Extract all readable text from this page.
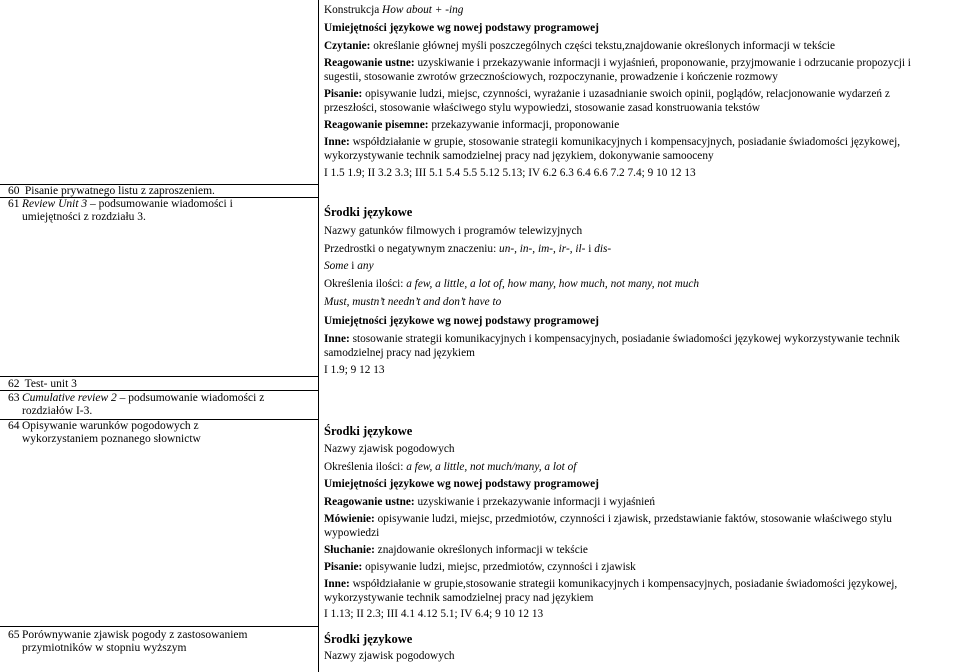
60 Pisanie prywatnego listu z zaproszeniem.
61 Review Unit 3 – podsumowanie wiadomości i
umiejętności z rozdziału 3.
62 Test- unit 3
63 Cumulative review 2 – podsumowanie wiadomości z
rozdziałów I-3.
64 Opisywanie warunków pogodowych z
wykorzystaniem poznanego słownictw
65 Porównywanie zjawisk pogody z zastosowaniem
przymiotników w stopniu wyższym

Konstrukcja How about + -ing

Umiejętności językowe wg nowej podstawy programowej

Czytanie: określanie głównej myśli poszczególnych części tekstu,znajdowanie określonych informacji w tekście

Reagowanie ustne: uzyskiwanie i przekazywanie informacji i wyjaśnień, proponowanie, przyjmowanie i odrzucanie propozycji i
sugestii, stosowanie zwrotów grzecznościowych, rozpoczynanie, prowadzenie i kończenie rozmowy

Pisanie: opisywanie ludzi, miejsc, czynności, wyrażanie i uzasadnianie swoich opinii, poglądów, relacjonowanie wydarzeń z
przeszłości, stosowanie właściwego stylu wypowiedzi, stosowanie zasad konstruowania tekstów

Reagowanie pisemne: przekazywanie informacji, proponowanie

Inne: współdziałanie w grupie, stosowanie strategii komunikacyjnych i kompensacyjnych, posiadanie świadomości językowej,
wykorzystywanie technik samodzielnej pracy nad językiem, dokonywanie samooceny

I 1.5 1.9; II 3.2 3.3; III 5.1 5.4 5.5 5.12 5.13; IV 6.2 6.3 6.4 6.6 7.2 7.4; 9 10 12 13

Środki językowe

Nazwy gatunków filmowych i programów telewizyjnych

Przedrostki o negatywnym znaczeniu: un-, in-, im-, ir-, il- i dis-

Some i any

Określenia ilości: a few, a little, a lot of, how many, how much, not many, not much

Must, mustn’t needn’t and don’t have to

Umiejętności językowe wg nowej podstawy programowej

Inne: stosowanie strategii komunikacyjnych i kompensacyjnych, posiadanie świadomości językowej wykorzystywanie technik
samodzielnej pracy nad językiem

I 1.9; 9 12 13

Środki językowe

Nazwy zjawisk pogodowych

Określenia ilości: a few, a little, not much/many, a lot of

Umiejętności językowe wg nowej podstawy programowej

Reagowanie ustne: uzyskiwanie i przekazywanie informacji i wyjaśnień

Mówienie: opisywanie ludzi, miejsc, przedmiotów, czynności i zjawisk, przedstawianie faktów, stosowanie właściwego stylu
wypowiedzi

Słuchanie: znajdowanie określonych informacji w tekście

Pisanie: opisywanie ludzi, miejsc, przedmiotów, czynności i zjawisk

Inne: współdziałanie w grupie,stosowanie strategii komunikacyjnych i kompensacyjnych, posiadanie świadomości językowej,
wykorzystywanie technik samodzielnej pracy nad językiem

I 1.13; II 2.3; III 4.1 4.12 5.1; IV 6.4; 9 10 12 13

Środki językowe

Nazwy zjawisk pogodowych
